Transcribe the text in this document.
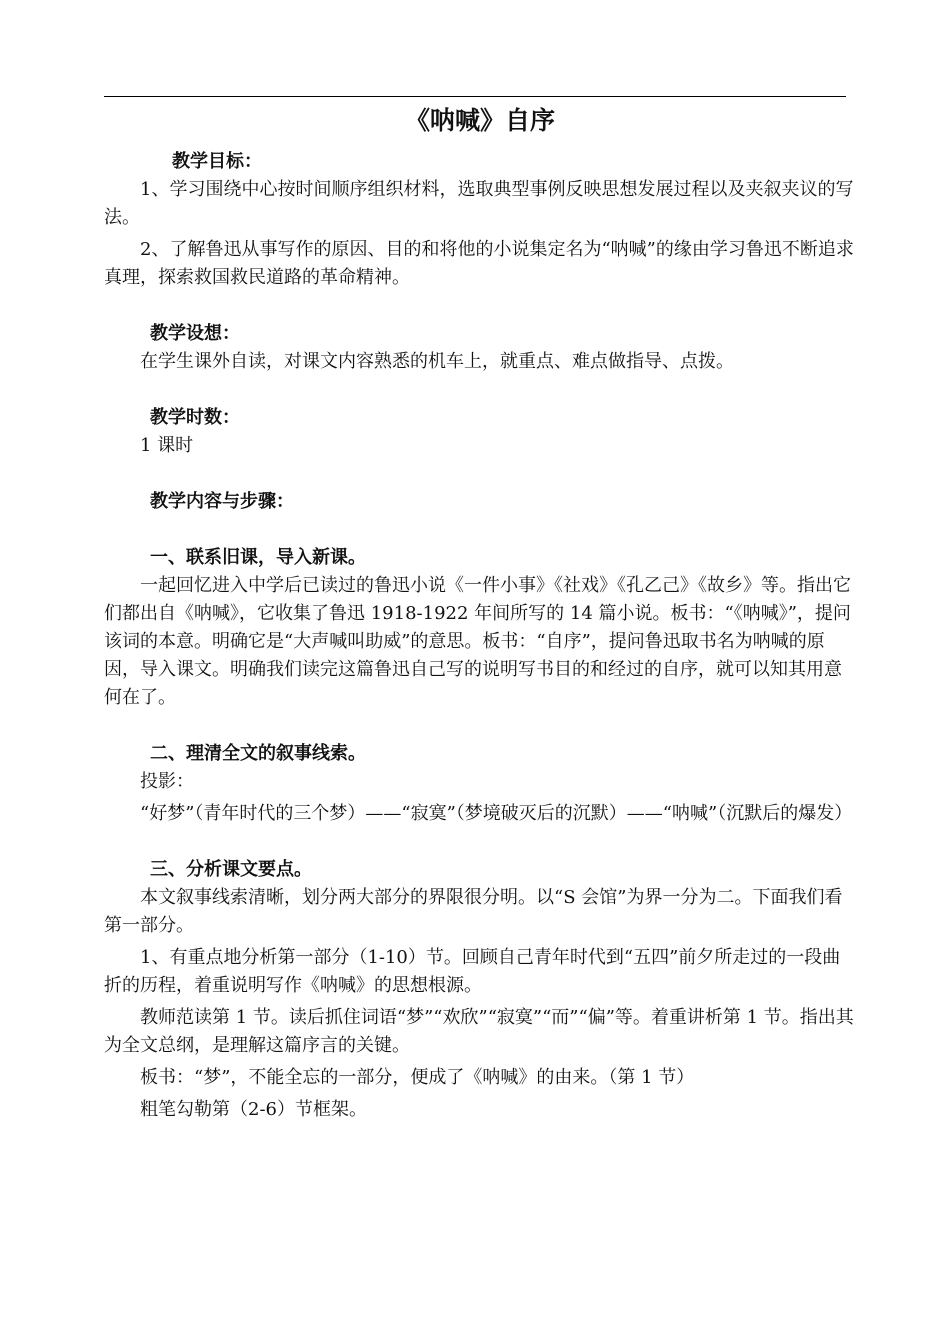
《呐喊》自序
教学目标：

1、学习围绕中心按时间顺序组织材料，选取典型事例反映思想发展过程以及夹叙夹议的写法。

2、了解鲁迅从事写作的原因、目的和将他的小说集定名为“呐喊”的缘由学习鲁迅不断追求真理，探索救国救民道路的革命精神。

教学设想：

在学生课外自读，对课文内容熟悉的机车上，就重点、难点做指导、点拨。

教学时数：

1 课时

教学内容与步骤：
一、联系旧课，导入新课。

一起回忆进入中学后已读过的鲁迅小说《一件小事》《社戏》《孔乙己》《故乡》等。指出它们都出自《呐喊》，它收集了鲁迅 1918-1922 年间所写的 14 篇小说。板书：“《呐喊》”，提问该词的本意。明确它是“大声喊叫助威”的意思。板书：“自序”，提问鲁迅取书名为呐喊的原因，导入课文。明确我们读完这篇鲁迅自己写的说明写书目的和经过的自序，就可以知其用意何在了。

二、理清全文的叙事线索。

投影：

“好梦”（青年时代的三个梦）——“寂寞”（梦境破灭后的沉默）——“呐喊”（沉默后的爆发）

三、分析课文要点。

本文叙事线索清晰，划分两大部分的界限很分明。以“S 会馆”为界一分为二。下面我们看第一部分。

1、有重点地分析第一部分（1-10）节。回顾自己青年时代到“五四”前夕所走过的一段曲折的历程，着重说明写作《呐喊》的思想根源。

教师范读第 1 节。读后抓住词语“梦”“欢欣”“寂寞”“而”“偏”等。着重讲析第 1 节。指出其为全文总纲，是理解这篇序言的关键。

板书：“梦”，不能全忘的一部分，便成了《呐喊》的由来。（第 1 节）

粗笔勾勒第（2-6）节框架。
